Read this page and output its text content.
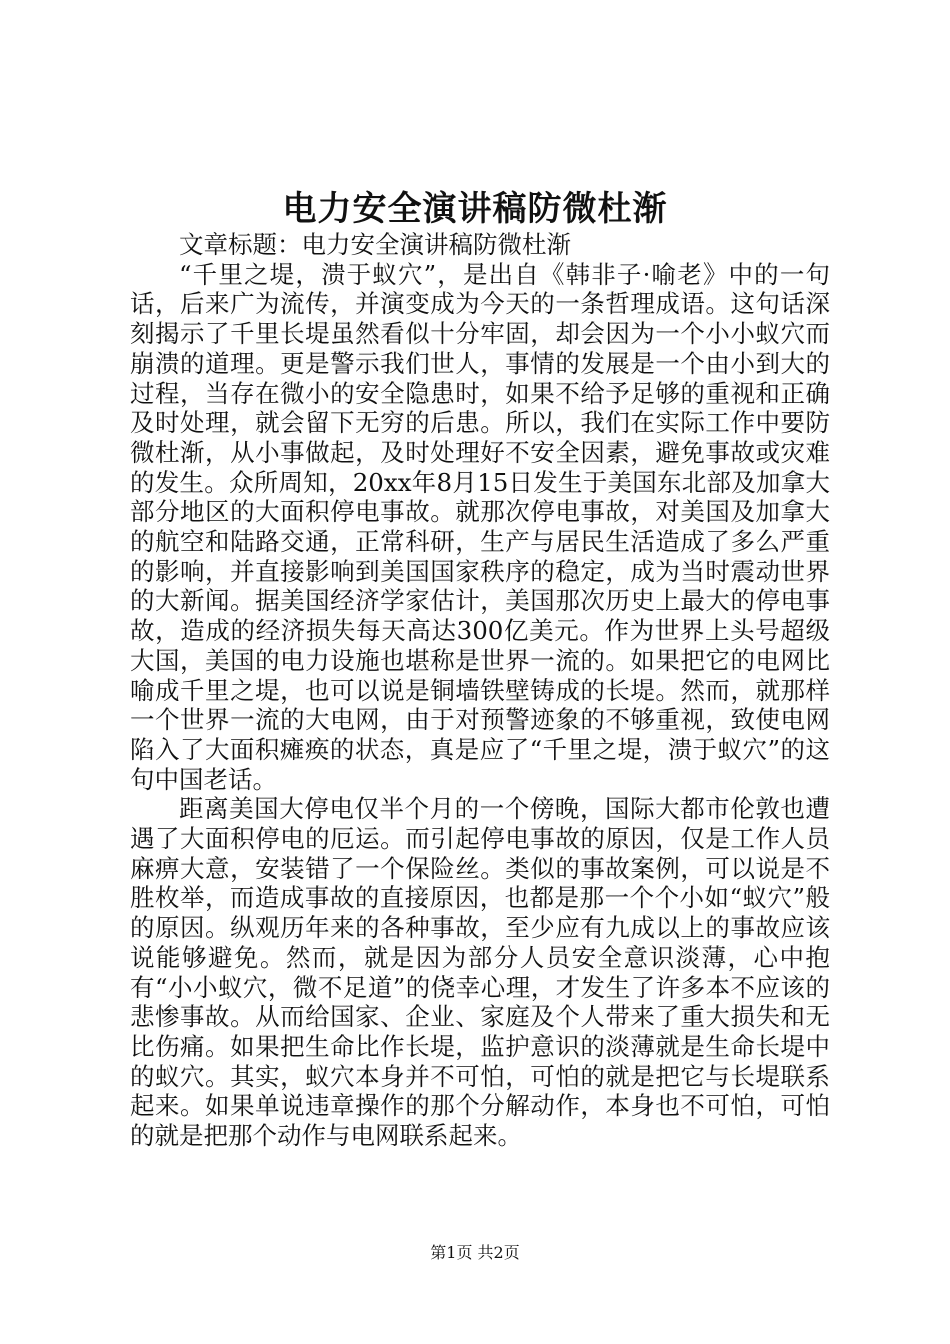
电力安全演讲稿防微杜渐

文章标题：电力安全演讲稿防微杜渐

“千里之堤，溃于蚁穴”，是出自《韩非子·喻老》中的一句话，后来广为流传，并演变成为今天的一条哲理成语。这句话深刻揭示了千里长堤虽然看似十分牢固，却会因为一个小小蚁穴而崩溃的道理。更是警示我们世人，事情的发展是一个由小到大的过程，当存在微小的安全隐患时，如果不给予足够的重视和正确及时处理，就会留下无穷的后患。所以，我们在实际工作中要防微杜渐，从小事做起，及时处理好不安全因素，避免事故或灾难的发生。众所周知，20xx年8月15日发生于美国东北部及加拿大部分地区的大面积停电事故。就那次停电事故，对美国及加拿大的航空和陆路交通，正常科研，生产与居民生活造成了多么严重的影响，并直接影响到美国国家秩序的稳定，成为当时震动世界的大新闻。据美国经济学家估计，美国那次历史上最大的停电事故，造成的经济损失每天高达300亿美元。作为世界上头号超级大国，美国的电力设施也堪称是世界一流的。如果把它的电网比喻成千里之堤，也可以说是铜墙铁壁铸成的长堤。然而，就那样一个世界一流的大电网，由于对预警迹象的不够重视，致使电网陷入了大面积瘫痪的状态，真是应了“千里之堤，溃于蚁穴”的这句中国老话。

距离美国大停电仅半个月的一个傍晚，国际大都市伦敦也遭遇了大面积停电的厄运。而引起停电事故的原因，仅是工作人员麻痹大意，安装错了一个保险丝。类似的事故案例，可以说是不胜枚举，而造成事故的直接原因，也都是那一个个小如“蚁穴”般的原因。纵观历年来的各种事故，至少应有九成以上的事故应该说能够避免。然而，就是因为部分人员安全意识淡薄，心中抱有“小小蚁穴，微不足道”的侥幸心理，才发生了许多本不应该的悲惨事故。从而给国家、企业、家庭及个人带来了重大损失和无比伤痛。如果把生命比作长堤，监护意识的淡薄就是生命长堤中的蚁穴。其实，蚁穴本身并不可怕，可怕的就是把它与长堤联系起来。如果单说违章操作的那个分解动作，本身也不可怕，可怕的就是把那个动作与电网联系起来。

第1页 共2页
